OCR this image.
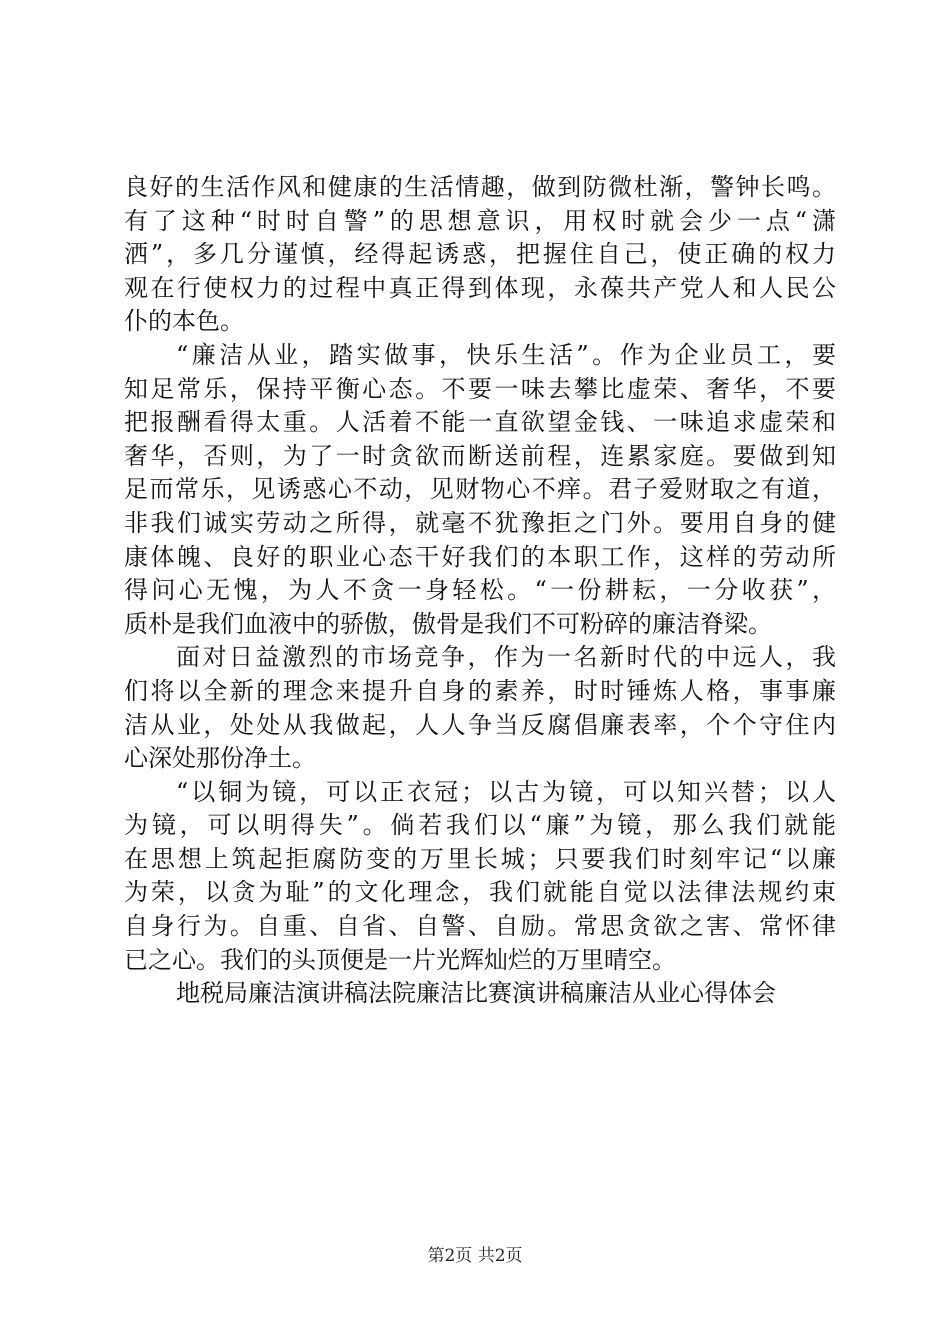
良好的生活作风和健康的生活情趣，做到防微杜渐，警钟长鸣。
有了这种“时时自警”的思想意识，用权时就会少一点“潇
洒”，多几分谨慎，经得起诱惑，把握住自己，使正确的权力
观在行使权力的过程中真正得到体现，永葆共产党人和人民公
仆的本色。
“廉洁从业，踏实做事，快乐生活”。作为企业员工，要
知足常乐，保持平衡心态。不要一味去攀比虚荣、奢华，不要
把报酬看得太重。人活着不能一直欲望金钱、一味追求虚荣和
奢华，否则，为了一时贪欲而断送前程，连累家庭。要做到知
足而常乐，见诱惑心不动，见财物心不痒。君子爱财取之有道，
非我们诚实劳动之所得，就毫不犹豫拒之门外。要用自身的健
康体魄、良好的职业心态干好我们的本职工作，这样的劳动所
得问心无愧，为人不贪一身轻松。“一份耕耘，一分收获”，
质朴是我们血液中的骄傲，傲骨是我们不可粉碎的廉洁脊梁。
面对日益激烈的市场竞争，作为一名新时代的中远人，我
们将以全新的理念来提升自身的素养，时时锤炼人格，事事廉
洁从业，处处从我做起，人人争当反腐倡廉表率，个个守住内
心深处那份净土。
“以铜为镜，可以正衣冠；以古为镜，可以知兴替；以人
为镜，可以明得失”。倘若我们以“廉”为镜，那么我们就能
在思想上筑起拒腐防变的万里长城；只要我们时刻牢记“以廉
为荣，以贪为耻”的文化理念，我们就能自觉以法律法规约束
自身行为。自重、自省、自警、自励。常思贪欲之害、常怀律
已之心。我们的头顶便是一片光辉灿烂的万里晴空。
地税局廉洁演讲稿法院廉洁比赛演讲稿廉洁从业心得体会
第2页 共2页
